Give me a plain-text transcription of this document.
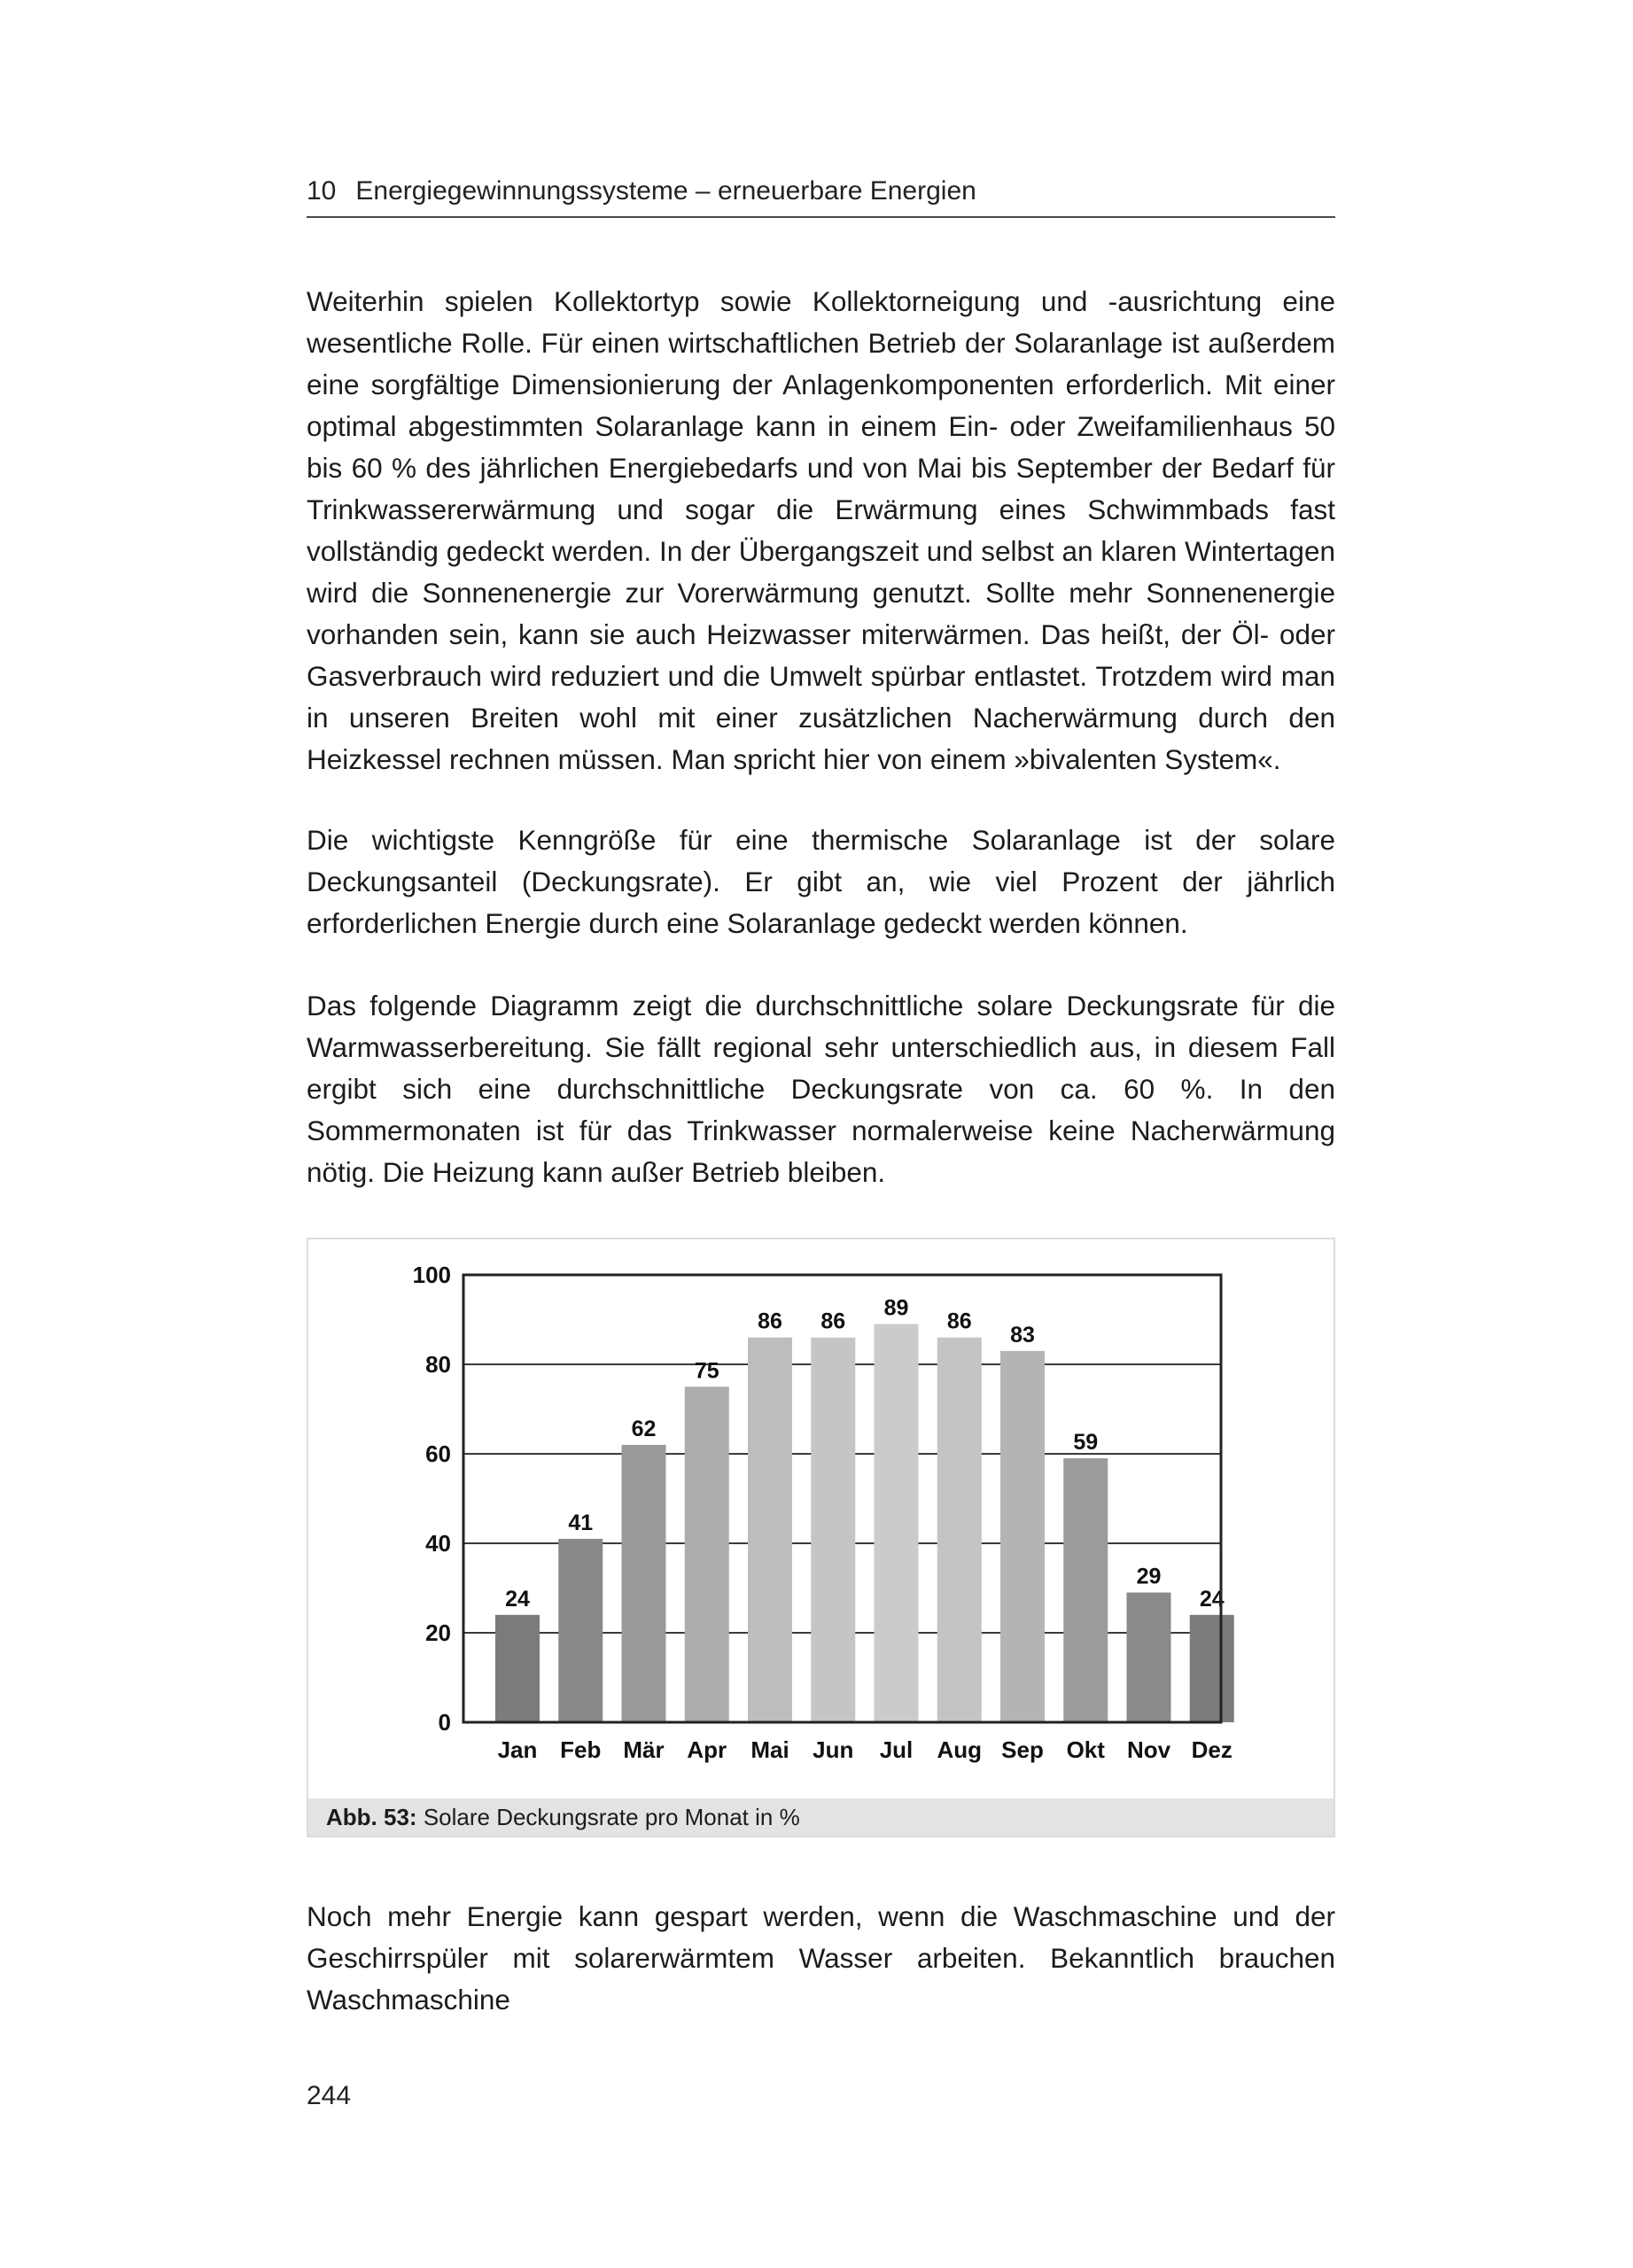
10 Energiegewinnungssysteme – erneuerbare Energien

Weiterhin spielen Kollektortyp sowie Kollektorneigung und -ausrichtung eine wesentliche Rolle. Für einen wirtschaftlichen Betrieb der Solaranlage ist außerdem eine sorgfältige Dimensionierung der Anlagenkomponenten erforderlich. Mit einer optimal abgestimmten Solaranlage kann in einem Ein- oder Zweifamilienhaus 50 bis 60 % des jährlichen Energiebedarfs und von Mai bis September der Bedarf für Trinkwassererwärmung und sogar die Erwärmung eines Schwimmbads fast vollständig gedeckt werden. In der Übergangszeit und selbst an klaren Wintertagen wird die Sonnenenergie zur Vorerwärmung genutzt. Sollte mehr Sonnenenergie vorhanden sein, kann sie auch Heizwasser miterwärmen. Das heißt, der Öl- oder Gasverbrauch wird reduziert und die Umwelt spürbar entlastet. Trotzdem wird man in unseren Breiten wohl mit einer zusätzlichen Nacherwärmung durch den Heizkessel rechnen müssen. Man spricht hier von einem »bivalenten System«.

Die wichtigste Kenngröße für eine thermische Solaranlage ist der solare Deckungsanteil (Deckungsrate). Er gibt an, wie viel Prozent der jährlich erforderlichen Energie durch eine Solaranlage gedeckt werden können.

Das folgende Diagramm zeigt die durchschnittliche solare Deckungsrate für die Warmwasserbereitung. Sie fällt regional sehr unterschiedlich aus, in diesem Fall ergibt sich eine durchschnittliche Deckungsrate von ca. 60 %. In den Sommermonaten ist für das Trinkwasser normalerweise keine Nacherwärmung nötig. Die Heizung kann außer Betrieb bleiben.

0
20
40
60
80
100
24
Jan
41
Feb
62
Mär
75
Apr
86
Mai
86
Jun
89
Jul
86
Aug
83
Sep
59
Okt
29
Nov
24
Dez
Abb. 53: Solare Deckungsrate pro Monat in %

Noch mehr Energie kann gespart werden, wenn die Waschmaschine und der Geschirrspüler mit solarerwärmtem Wasser arbeiten. Bekanntlich brauchen Waschmaschine

244
